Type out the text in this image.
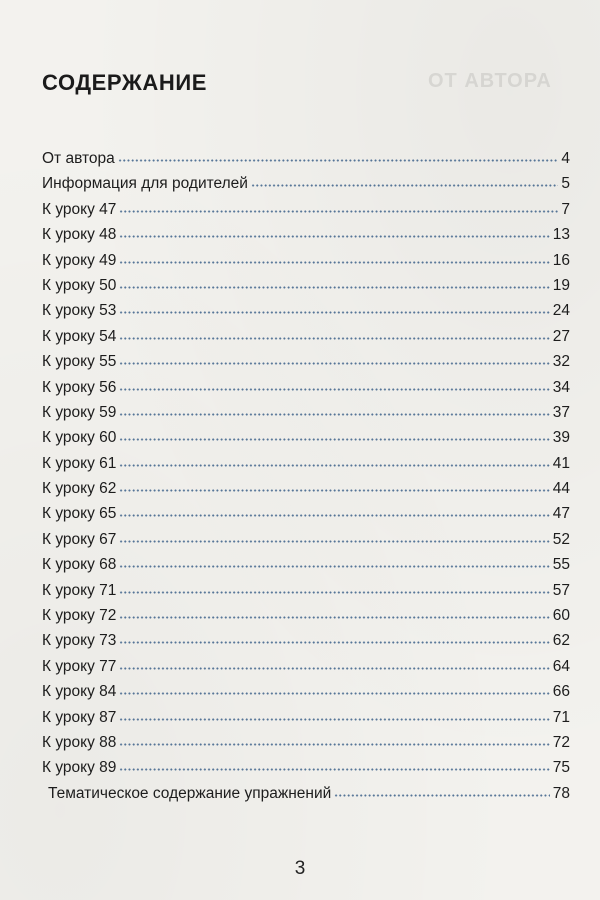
ОТ АВТОРА
СОДЕРЖАНИЕ
От автора	4
Информация для родителей	5
К уроку 47	7
К уроку 48	13
К уроку 49	16
К уроку 50	19
К уроку 53	24
К уроку 54	27
К уроку 55	32
К уроку 56	34
К уроку 59	37
К уроку 60	39
К уроку 61	41
К уроку 62	44
К уроку 65	47
К уроку 67	52
К уроку 68	55
К уроку 71	57
К уроку 72	60
К уроку 73	62
К уроку 77	64
К уроку 84	66
К уроку 87	71
К уроку 88	72
К уроку 89	75
Тематическое содержание упражнений	78
3
